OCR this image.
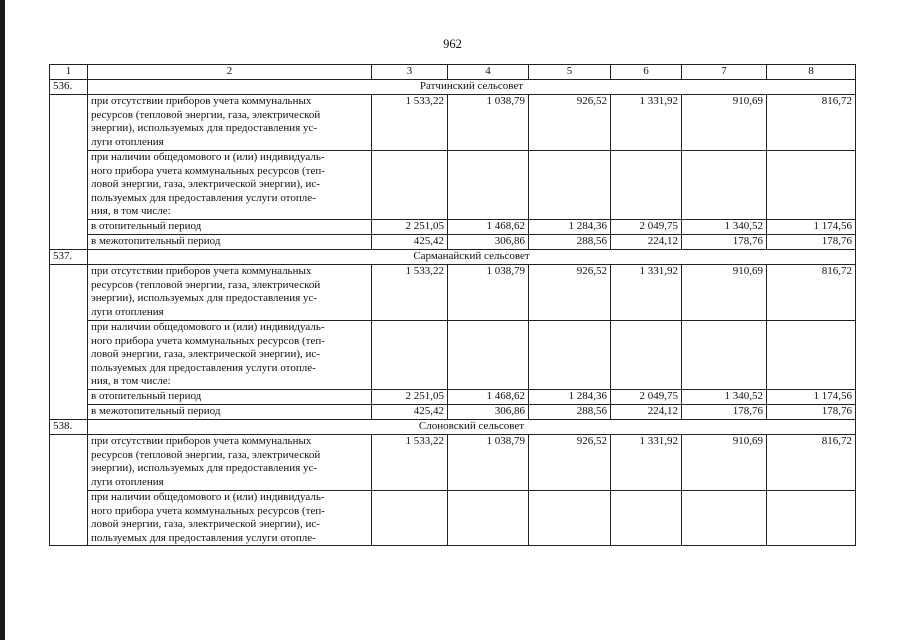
962
1	2	3	4	5	6	7	8
536.	Ратчинский сельсовет						
	при отсутствии приборов учета коммунальных
ресурсов (тепловой энергии, газа, электрической
энергии), используемых для предоставления ус-
луги отопления	1 533,22	1 038,79	926,52	1 331,92	910,69	816,72
	при наличии общедомового и (или) индивидуаль-
ного прибора учета коммунальных ресурсов (теп-
ловой энергии, газа, электрической энергии), ис-
пользуемых для предоставления услуги отопле-
ния, в том числе:						
	в отопительный период	2 251,05	1 468,62	1 284,36	2 049,75	1 340,52	1 174,56
	в межотопительный период	425,42	306,86	288,56	224,12	178,76	178,76
537.	Сарманайский сельсовет						
	при отсутствии приборов учета коммунальных
ресурсов (тепловой энергии, газа, электрической
энергии), используемых для предоставления ус-
луги отопления	1 533,22	1 038,79	926,52	1 331,92	910,69	816,72
	при наличии общедомового и (или) индивидуаль-
ного прибора учета коммунальных ресурсов (теп-
ловой энергии, газа, электрической энергии), ис-
пользуемых для предоставления услуги отопле-
ния, в том числе:						
	в отопительный период	2 251,05	1 468,62	1 284,36	2 049,75	1 340,52	1 174,56
	в межотопительный период	425,42	306,86	288,56	224,12	178,76	178,76
538.	Слоновский сельсовет						
	при отсутствии приборов учета коммунальных
ресурсов (тепловой энергии, газа, электрической
энергии), используемых для предоставления ус-
луги отопления	1 533,22	1 038,79	926,52	1 331,92	910,69	816,72
	при наличии общедомового и (или) индивидуаль-
ного прибора учета коммунальных ресурсов (теп-
ловой энергии, газа, электрической энергии), ис-
пользуемых для предоставления услуги отопле-						
